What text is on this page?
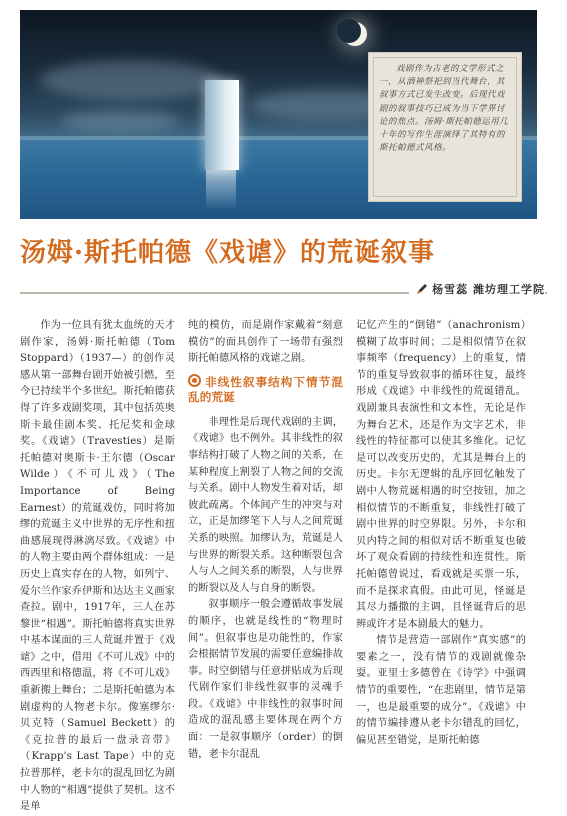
戏剧作为古老的文学形式之一，从酒神祭祀到当代舞台，其叙事方式已发生改变。后现代戏剧的叙事技巧已成为当下学界讨论的焦点。汤姆·斯托帕德运用几十年的写作生涯演绎了其特有的斯托帕德式风格。
汤姆·斯托帕德《戏谑》的荒诞叙事
杨雪蕊 潍坊理工学院

作为一位具有犹太血统的天才剧作家，汤姆·斯托帕德（Tom Stoppard）（1937—）的创作灵感从第一部舞台剧开始被引燃，至今已持续半个多世纪。斯托帕德获得了许多戏剧奖项，其中包括英奥斯卡最佳剧本奖、托尼奖和金球奖。《戏谑》（Travesties）是斯托帕德对奥斯卡·王尔德（Oscar Wilde）《不可儿戏》（The Importance of Being Earnest）的荒诞戏仿，同时将加缪的荒诞主义中世界的无序性和扭曲感展现得淋漓尽致。《戏谑》中的人物主要由两个群体组成：一是历史上真实存在的人物，如列宁、爱尔兰作家乔伊斯和达达主义画家查拉。剧中，1917年，三人在苏黎世“相遇”。斯托帕德将真实世界中基本谋面的三人荒诞并置于《戏谑》之中，借用《不可儿戏》中的西西里和格德温，将《不可儿戏》重新搬上舞台；二是斯托帕德为本剧虚构的人物老卡尔。像塞缪尔·贝克特（Samuel Beckett）的《克拉普的最后一盘录音带》（Krapp's Last Tape）中的克拉普那样，老卡尔的混乱回忆为剧中人物的“相遇”提供了契机。这不是单

纯的模仿，而是剧作家戴着“刻意模仿”的面具创作了一场带有强烈斯托帕德风格的戏谑之剧。

非线性叙事结构下情节混乱的荒诞

非理性是后现代戏剧的主调，《戏谑》也不例外。其非线性的叙事结构打破了人物之间的关系，在某种程度上割裂了人物之间的交流与关系。剧中人物发生着对话，却彼此疏离。个体间产生的冲突与对立，正是加缪笔下人与人之间荒诞关系的映照。加缪认为，荒诞是人与世界的断裂关系。这种断裂包含人与人之间关系的断裂，人与世界的断裂以及人与自身的断裂。

叙事顺序一般会遵循故事发展的顺序，也就是线性的“物理时间”。但叙事也是功能性的，作家会根据情节发展的需要任意编排故事。时空倒错与任意拼贴成为后现代剧作家们非线性叙事的灵魂手段。《戏谑》中非线性的叙事时间造成的混乱感主要体现在两个方面：一是叙事顺序（order）的倒错，老卡尔混乱

记忆产生的“倒错”（anachronism）模糊了故事时间；二是相似情节在叙事频率（frequency）上的重复，情节的重复导致叙事的循环往复，最终形成《戏谑》中非线性的荒诞错乱。戏剧兼具表演性和文本性，无论是作为舞台艺术，还是作为文字艺术，非线性的特征都可以使其多维化。记忆是可以改变历史的，尤其是舞台上的历史。卡尔无逻辑的乱序回忆触发了剧中人物荒诞相遇的时空按钮，加之相似情节的不断重复，非线性打破了剧中世界的时空界限。另外，卡尔和贝内特之间的相似对话不断重复也破坏了观众看剧的持续性和连贯性。斯托帕德曾说过，看戏就是买票一乐，而不是探求真假。由此可见，怪诞是其尽力播撒的主调，且怪诞背后的思辨或许才是本剧最大的魅力。

情节是营造一部剧作“真实感”的要素之一，没有情节的戏剧就像杂耍。亚里士多德曾在《诗学》中强调情节的重要性，“在悲剧里，情节是第一，也是最重要的成分”。《戏谑》中的情节编排遵从老卡尔错乱的回忆，偏见甚至错觉，是斯托帕德
